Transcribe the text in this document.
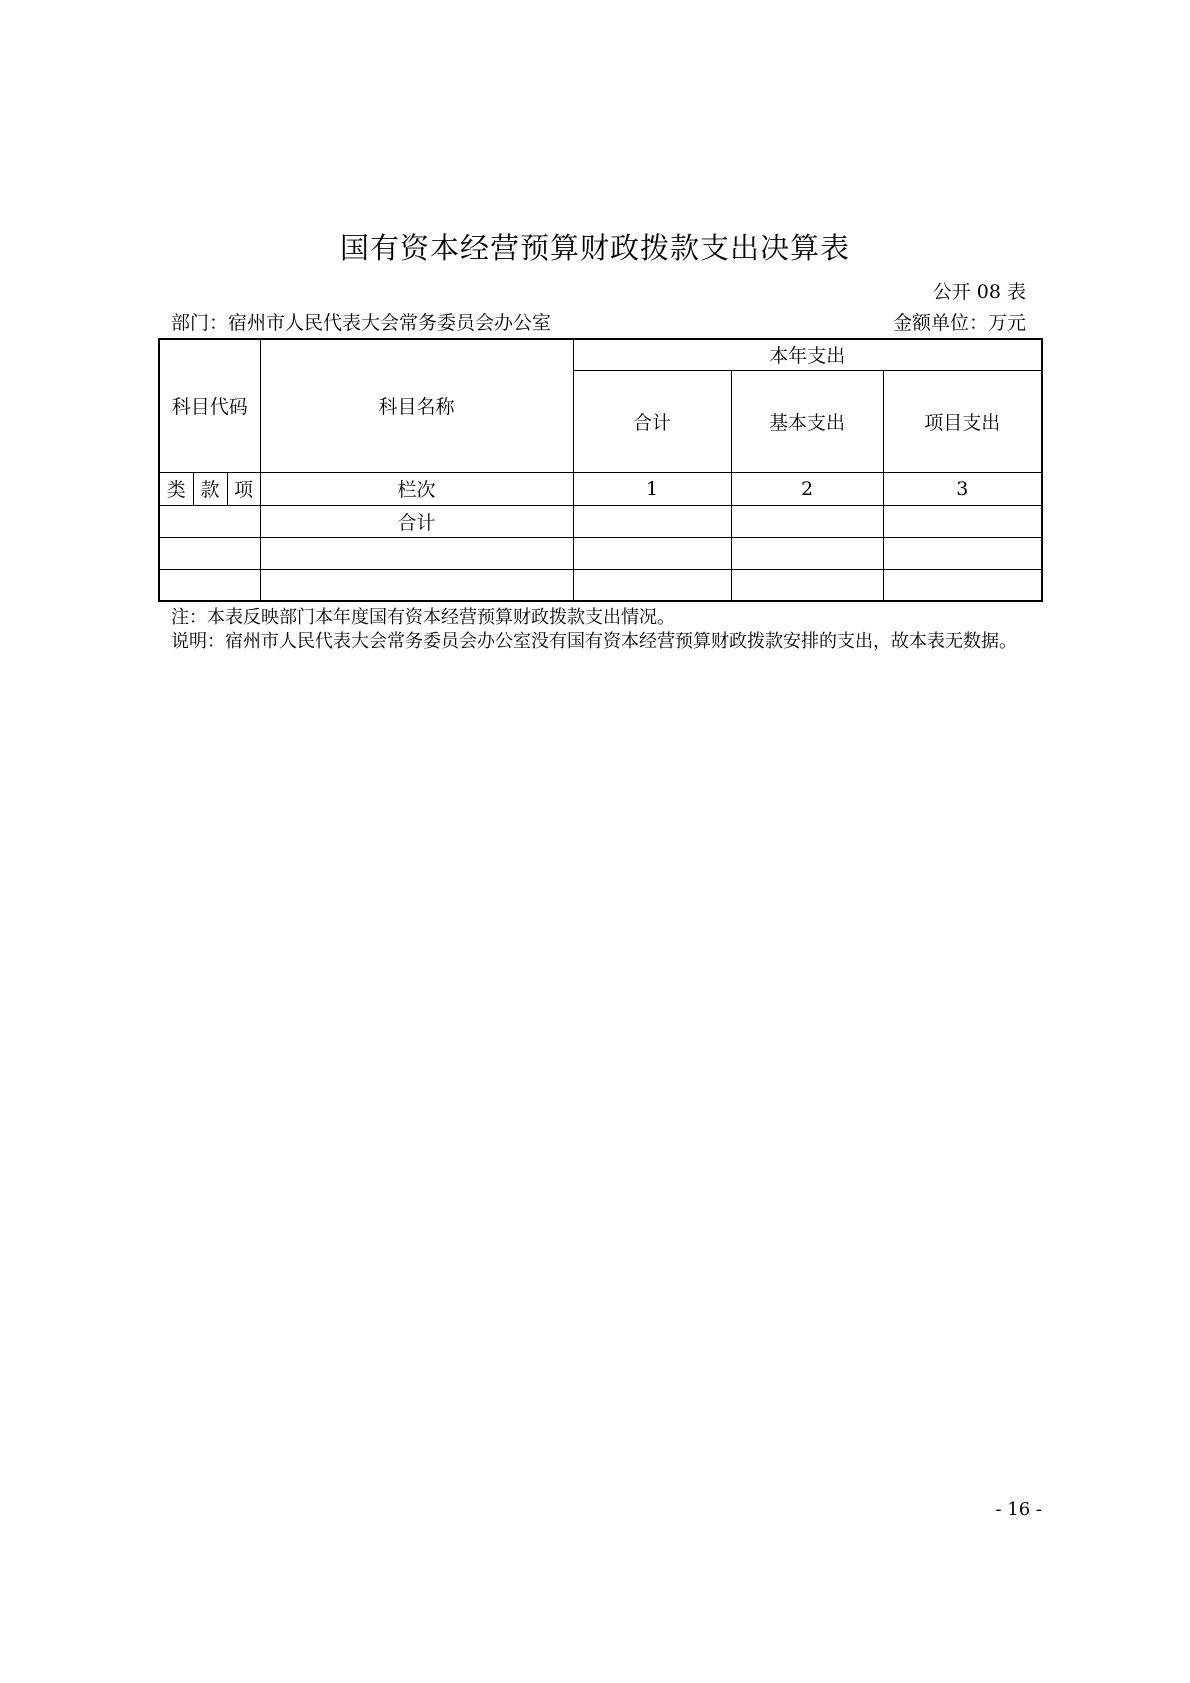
国有资本经营预算财政拨款支出决算表
公开 08 表
部门：宿州市人民代表大会常务委员会办公室	金额单位：万元
科目代码			科目名称	本年支出		
				合计	基本支出	项目支出
类	款	项	栏次	1	2	3
			合计			

注：本表反映部门本年度国有资本经营预算财政拨款支出情况。

说明：宿州市人民代表大会常务委员会办公室没有国有资本经营预算财政拨款安排的支出，故本表无数据。

- 16 -
